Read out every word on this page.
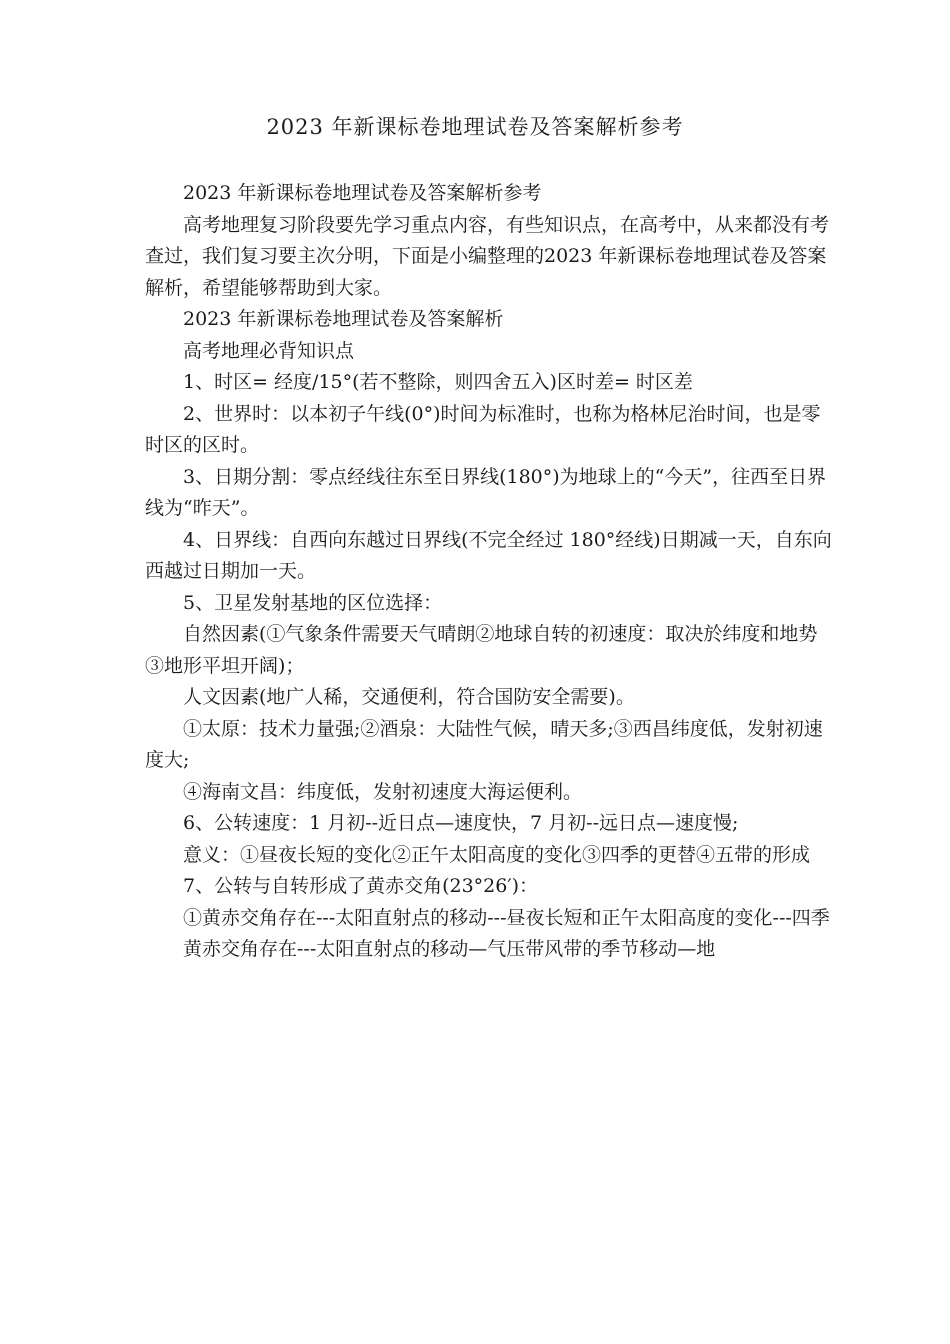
2023 年新课标卷地理试卷及答案解析参考

2023 年新课标卷地理试卷及答案解析参考

高考地理复习阶段要先学习重点内容，有些知识点，在高考中，从来都没有考查过，我们复习要主次分明，下面是小编整理的2023 年新课标卷地理试卷及答案解析，希望能够帮助到大家。

2023 年新课标卷地理试卷及答案解析

高考地理必背知识点

1、时区= 经度/15°(若不整除，则四舍五入)区时差= 时区差

2、世界时：以本初子午线(0°)时间为标准时，也称为格林尼治时间，也是零时区的区时。

3、日期分割：零点经线往东至日界线(180°)为地球上的“今天”，往西至日界线为“昨天”。

4、日界线：自西向东越过日界线(不完全经过 180°经线)日期减一天，自东向西越过日期加一天。

5、卫星发射基地的区位选择：

自然因素(①气象条件需要天气晴朗②地球自转的初速度：取决於纬度和地势③地形平坦开阔)；

人文因素(地广人稀，交通便利，符合国防安全需要)。

①太原：技术力量强;②酒泉：大陆性气候，晴天多;③西昌纬度低，发射初速度大;

④海南文昌：纬度低，发射初速度大海运便利。

6、公转速度：1 月初--近日点—速度快，7 月初--远日点—速度慢;

意义：①昼夜长短的变化②正午太阳高度的变化③四季的更替④五带的形成

7、公转与自转形成了黄赤交角(23°26′)：

①黄赤交角存在---太阳直射点的移动---昼夜长短和正午太阳高度的变化---四季

黄赤交角存在---太阳直射点的移动—气压带风带的季节移动—地
